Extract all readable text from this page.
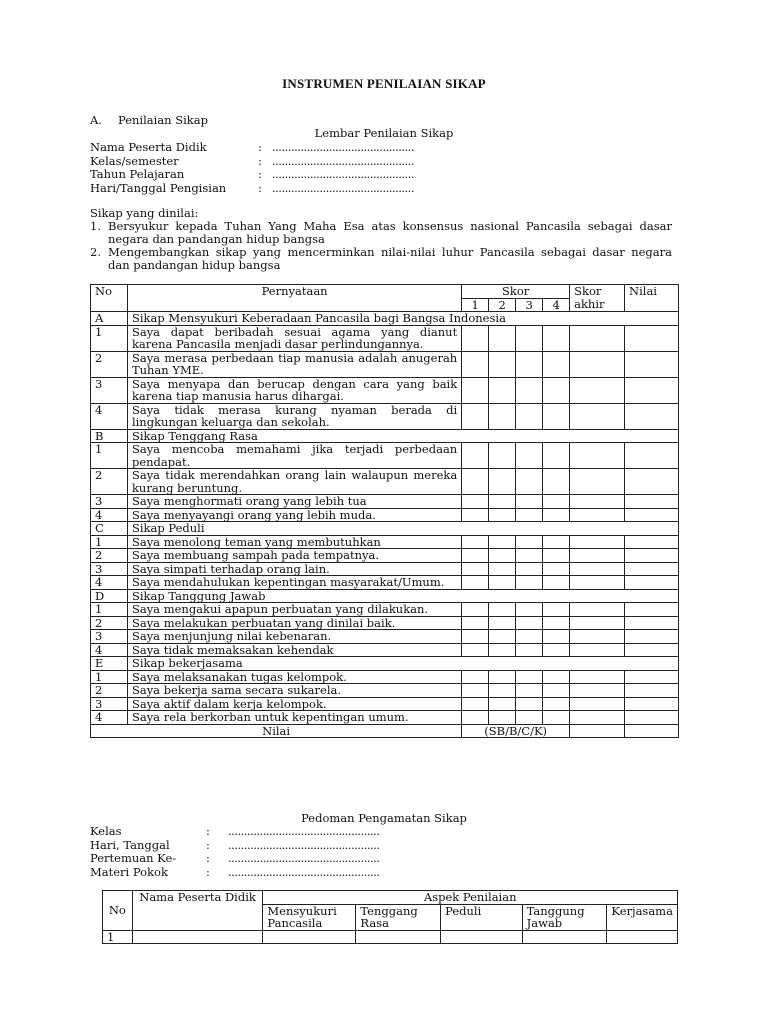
INSTRUMEN PENILAIAN SIKAP
A. Penilaian Sikap
Lembar Penilaian Sikap
Nama Peserta Didik	: .............................................
Kelas/semester	: .............................................
Tahun Pelajaran	: .............................................
Hari/Tanggal Pengisian	: .............................................
Sikap yang dinilai:
1. Bersyukur kepada Tuhan Yang Maha Esa atas konsensus nasional Pancasila sebagai dasar negara dan pandangan hidup bangsa
2. Mengembangkan sikap yang mencerminkan nilai-nilai luhur Pancasila sebagai dasar negara dan pandangan hidup bangsa
No	Pernyataan	Skor				Skor akhir	Nilai
		1	2	3	4		
A	Sikap Mensyukuri Keberadaan Pancasila bagi Bangsa Indonesia						
1	Saya dapat beribadah sesuai agama yang dianut karena Pancasila menjadi dasar perlindungannya.						
2	Saya merasa perbedaan tiap manusia adalah anugerah Tuhan YME.						
3	Saya menyapa dan berucap dengan cara yang baik karena tiap manusia harus dihargai.						
4	Saya tidak merasa kurang nyaman berada di lingkungan keluarga dan sekolah.						
B	Sikap Tenggang Rasa						
1	Saya mencoba memahami jika terjadi perbedaan pendapat.						
2	Saya tidak merendahkan orang lain walaupun mereka kurang beruntung.						
3	Saya menghormati orang yang lebih tua						
4	Saya menyayangi orang yang lebih muda.						
C	Sikap Peduli						
1	Saya menolong teman yang membutuhkan						
2	Saya membuang sampah pada tempatnya.						
3	Saya simpati terhadap orang lain.						
4	Saya mendahulukan kepentingan masyarakat/Umum.						
D	Sikap Tanggung Jawab						
1	Saya mengakui apapun perbuatan yang dilakukan.						
2	Saya melakukan perbuatan yang dinilai baik.						
3	Saya menjunjung nilai kebenaran.						
4	Saya tidak memaksakan kehendak						
E	Sikap bekerjasama						
1	Saya melaksanakan tugas kelompok.						
2	Saya bekerja sama secara sukarela.						
3	Saya aktif dalam kerja kelompok.						
4	Saya rela berkorban untuk kepentingan umum.						
Nilai		(SB/B/C/K)					
Pedoman Pengamatan Sikap
Kelas	:	................................................
Hari, Tanggal	:	................................................
Pertemuan Ke-	:	................................................
Materi Pokok	:	................................................
No	Nama Peserta Didik	Aspek Penilaian				
		Mensyukuri Pancasila	Tenggang Rasa	Peduli	Tanggung Jawab	Kerjasama
1						
